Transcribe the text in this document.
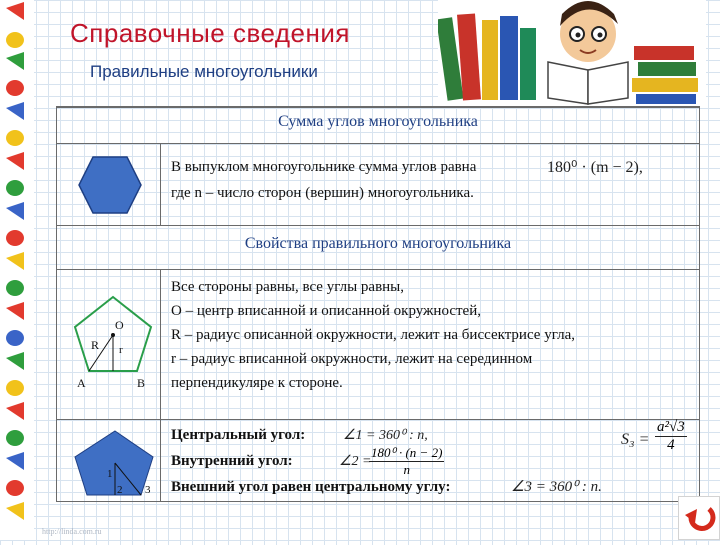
Справочные сведения
Правильные многоугольники
Сумма углов многоугольника
В выпуклом многоугольнике сумма углов равна	180⁰ · (m − 2),
где n – число сторон (вершин) многоугольника.
Свойства правильного многоугольника
O
R r
A	B
Все стороны равны, все углы равны,
О – центр вписанной и описанной окружностей,
R – радиус описанной окружности, лежит на биссектрисе угла,
r – радиус вписанной окружности, лежит на серединном
перпендикуляре к стороне.
1
2 3
Центральный угол:	∠1 = 360⁰ : n,
Внутренний угол:	∠2 =
$\frac{\text{180⁰ · (n − 2)}}{n}$
Внешний угол равен центральному углу:	∠3 = 360⁰ : n.
$S_3 = \frac{\text{a²√3}}{4}$
http://linda.com.ru
